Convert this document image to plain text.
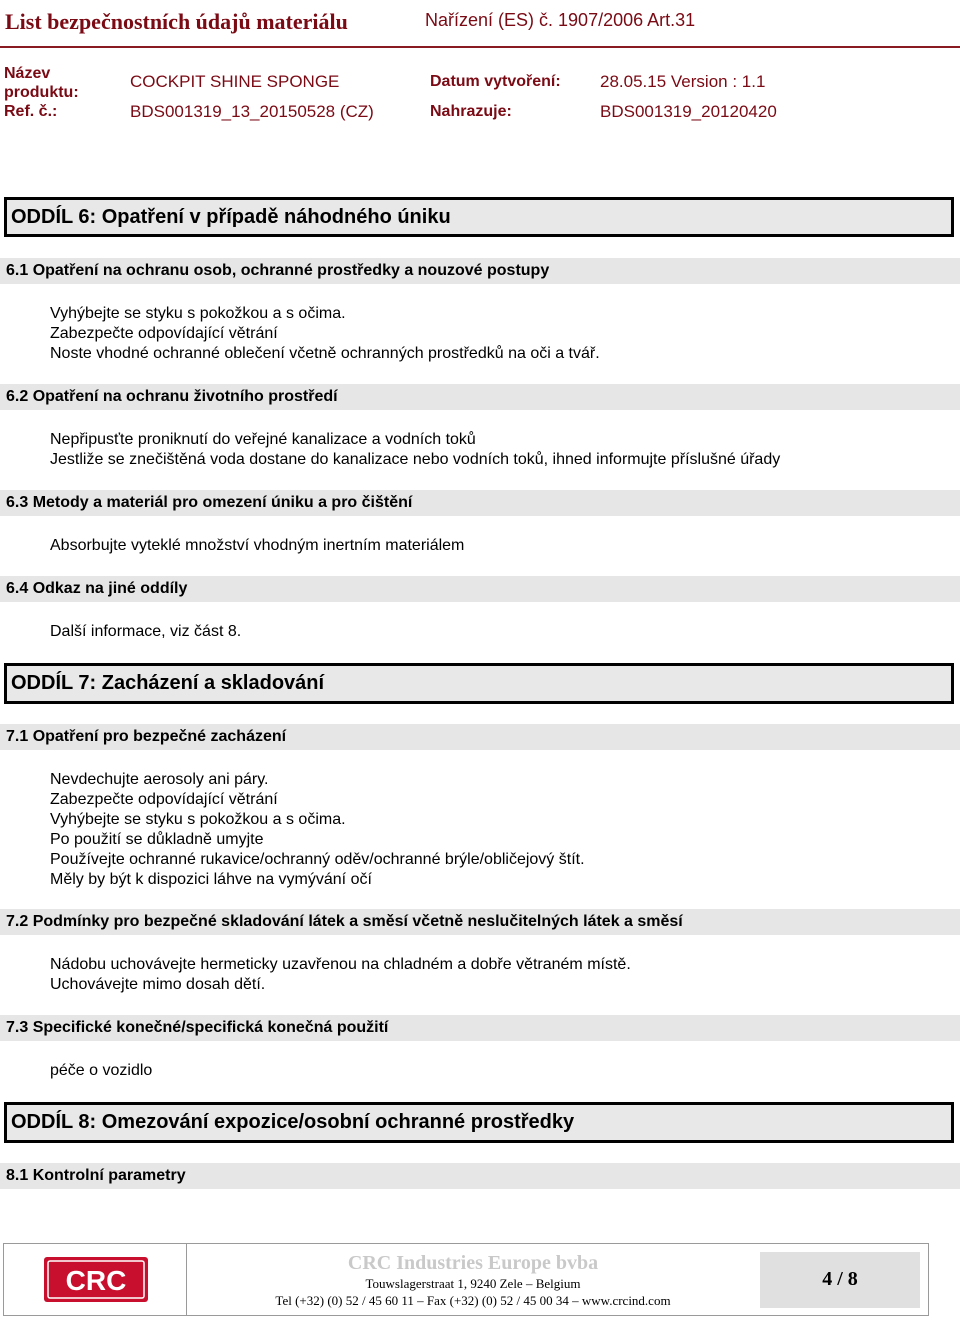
List bezpečnostních údajů materiálu	Nařízení (ES) č. 1907/2006 Art.31
Název
produktu:
COCKPIT SHINE SPONGE	Datum vytvoření: 28.05.15 Version : 1.1
Ref. č.:	BDS001319_13_20150528 (CZ)	Nahrazuje:	BDS001319_20120420
ODDÍL 6: Opatření v případě náhodného úniku
6.1 Opatření na ochranu osob, ochranné prostředky a nouzové postupy
Vyhýbejte se styku s pokožkou a s očima.
Zabezpečte odpovídající větrání
Noste vhodné ochranné oblečení včetně ochranných prostředků na oči a tvář.
6.2 Opatření na ochranu životního prostředí
Nepřipusťte proniknutí do veřejné kanalizace a vodních toků
Jestliže se znečištěná voda dostane do kanalizace nebo vodních toků, ihned informujte příslušné úřady
6.3 Metody a materiál pro omezení úniku a pro čištění
Absorbujte vyteklé množství vhodným inertním materiálem
6.4 Odkaz na jiné oddíly
Další informace, viz část 8.
ODDÍL 7: Zacházení a skladování
7.1 Opatření pro bezpečné zacházení
Nevdechujte aerosoly ani páry.
Zabezpečte odpovídající větrání
Vyhýbejte se styku s pokožkou a s očima.
Po použití se důkladně umyjte
Používejte ochranné rukavice/ochranný oděv/ochranné brýle/obličejový štít.
Měly by být k dispozici láhve na vymývání očí
7.2 Podmínky pro bezpečné skladování látek a směsí včetně neslučitelných látek a směsí
Nádobu uchovávejte hermeticky uzavřenou na chladném a dobře větraném místě.
Uchovávejte mimo dosah dětí.
7.3 Specifické konečné/specifická konečná použití
péče o vozidlo
ODDÍL 8: Omezování expozice/osobní ochranné prostředky
8.1 Kontrolní parametry
CRC
CRC Industries Europe bvba
Touwslagerstraat 1, 9240 Zele – Belgium
Tel (+32) (0) 52 / 45 60 11 – Fax (+32) (0) 52 / 45 00 34 – www.crcind.com
4 / 8
